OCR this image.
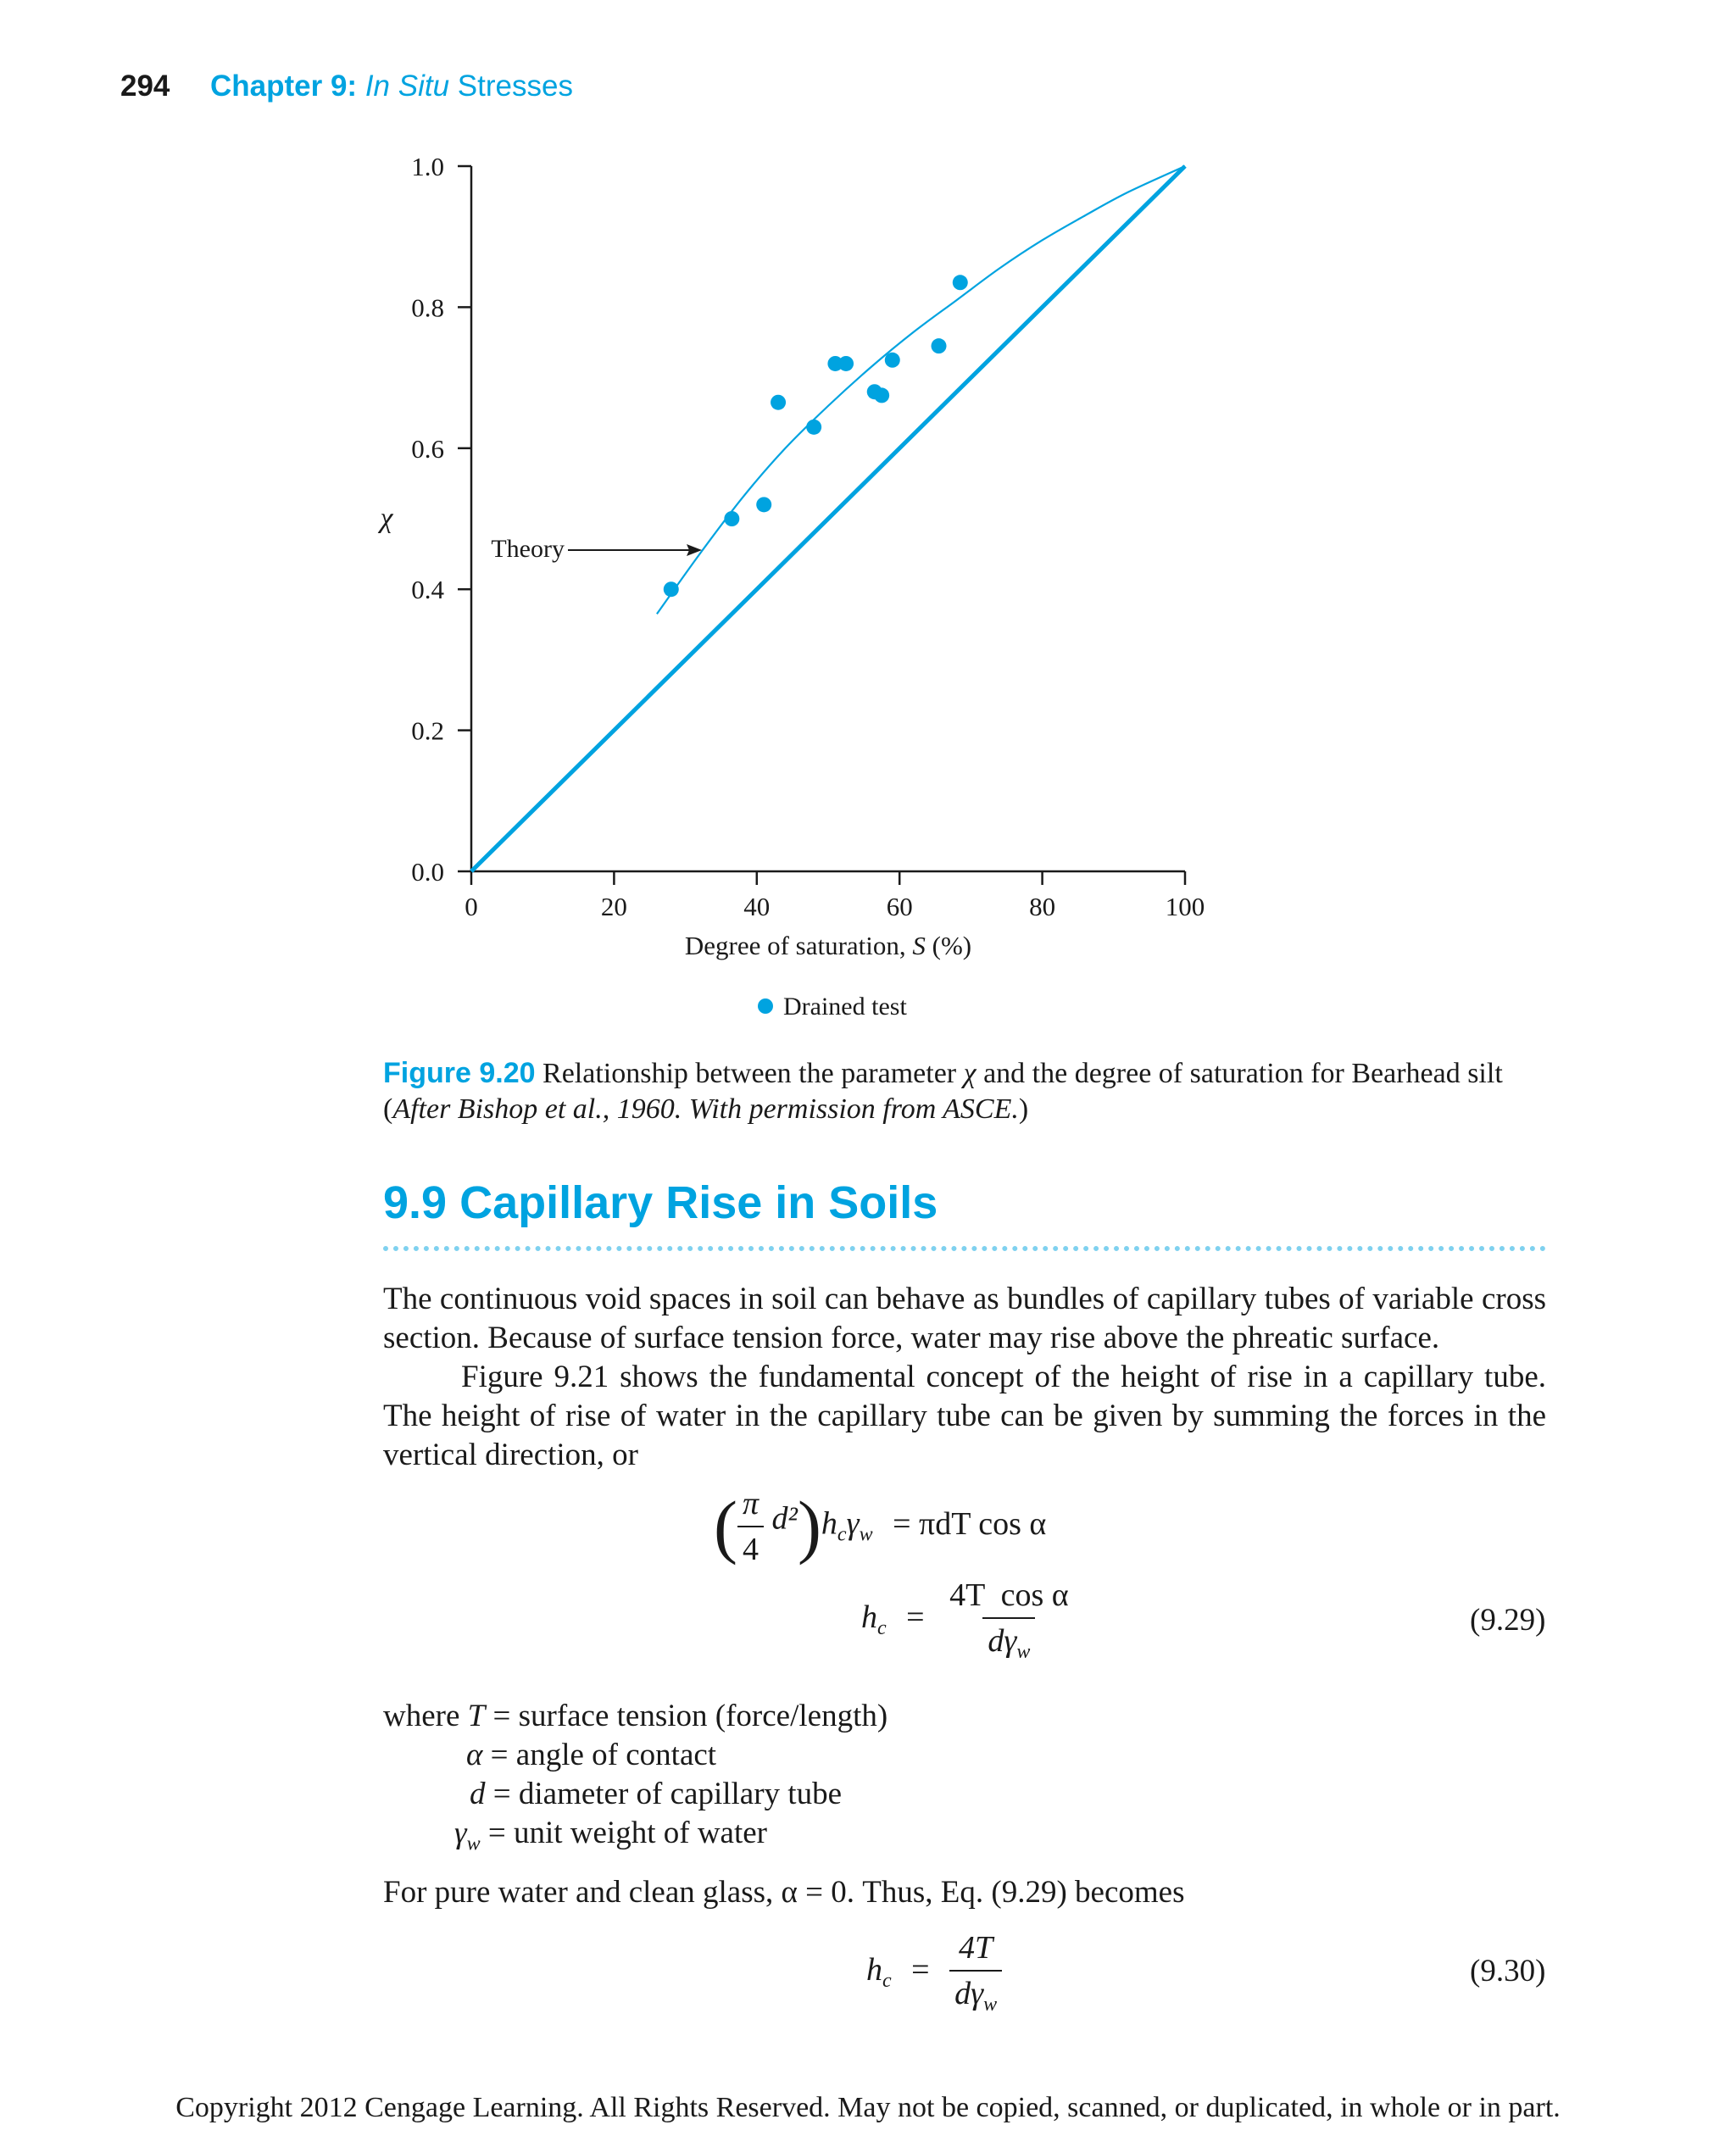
294 Chapter 9: In Situ Stresses
0.0
0.2
0.4
0.6
0.8
1.0
0	20	40	60	80	100
χ
Degree of saturation, S (%)
Theory
Drained test
Figure 9.20 Relationship between the parameter χ and the degree of saturation for Bearhead silt
(After Bishop et al., 1960. With permission from ASCE.)
9.9 Capillary Rise in Soils
The continuous void spaces in soil can behave as bundles of capillary tubes of variable cross section. Because of surface tension force, water may rise above the phreatic surface.
Figure 9.21 shows the fundamental concept of the height of rise in a capillary tube. The height of rise of water in the capillary tube can be given by summing the forces in the vertical direction, or
( $\frac{\pi}{4} d^2)h_c\gamma_w = \pi dT$ cos α
$h_c = \frac{\text{4T  cos α}}{d\gamma_w}$	(9.29)
where T = surface tension (force/length)
α = angle of contact
d = diameter of capillary tube
$\gamma_w$ = unit weight of water
For pure water and clean glass, α = 0. Thus, Eq. (9.29) becomes
$h_c = \frac{4T}{d\gamma_w}$	(9.30)
Copyright 2012 Cengage Learning. All Rights Reserved. May not be copied, scanned, or duplicated, in whole or in part.
